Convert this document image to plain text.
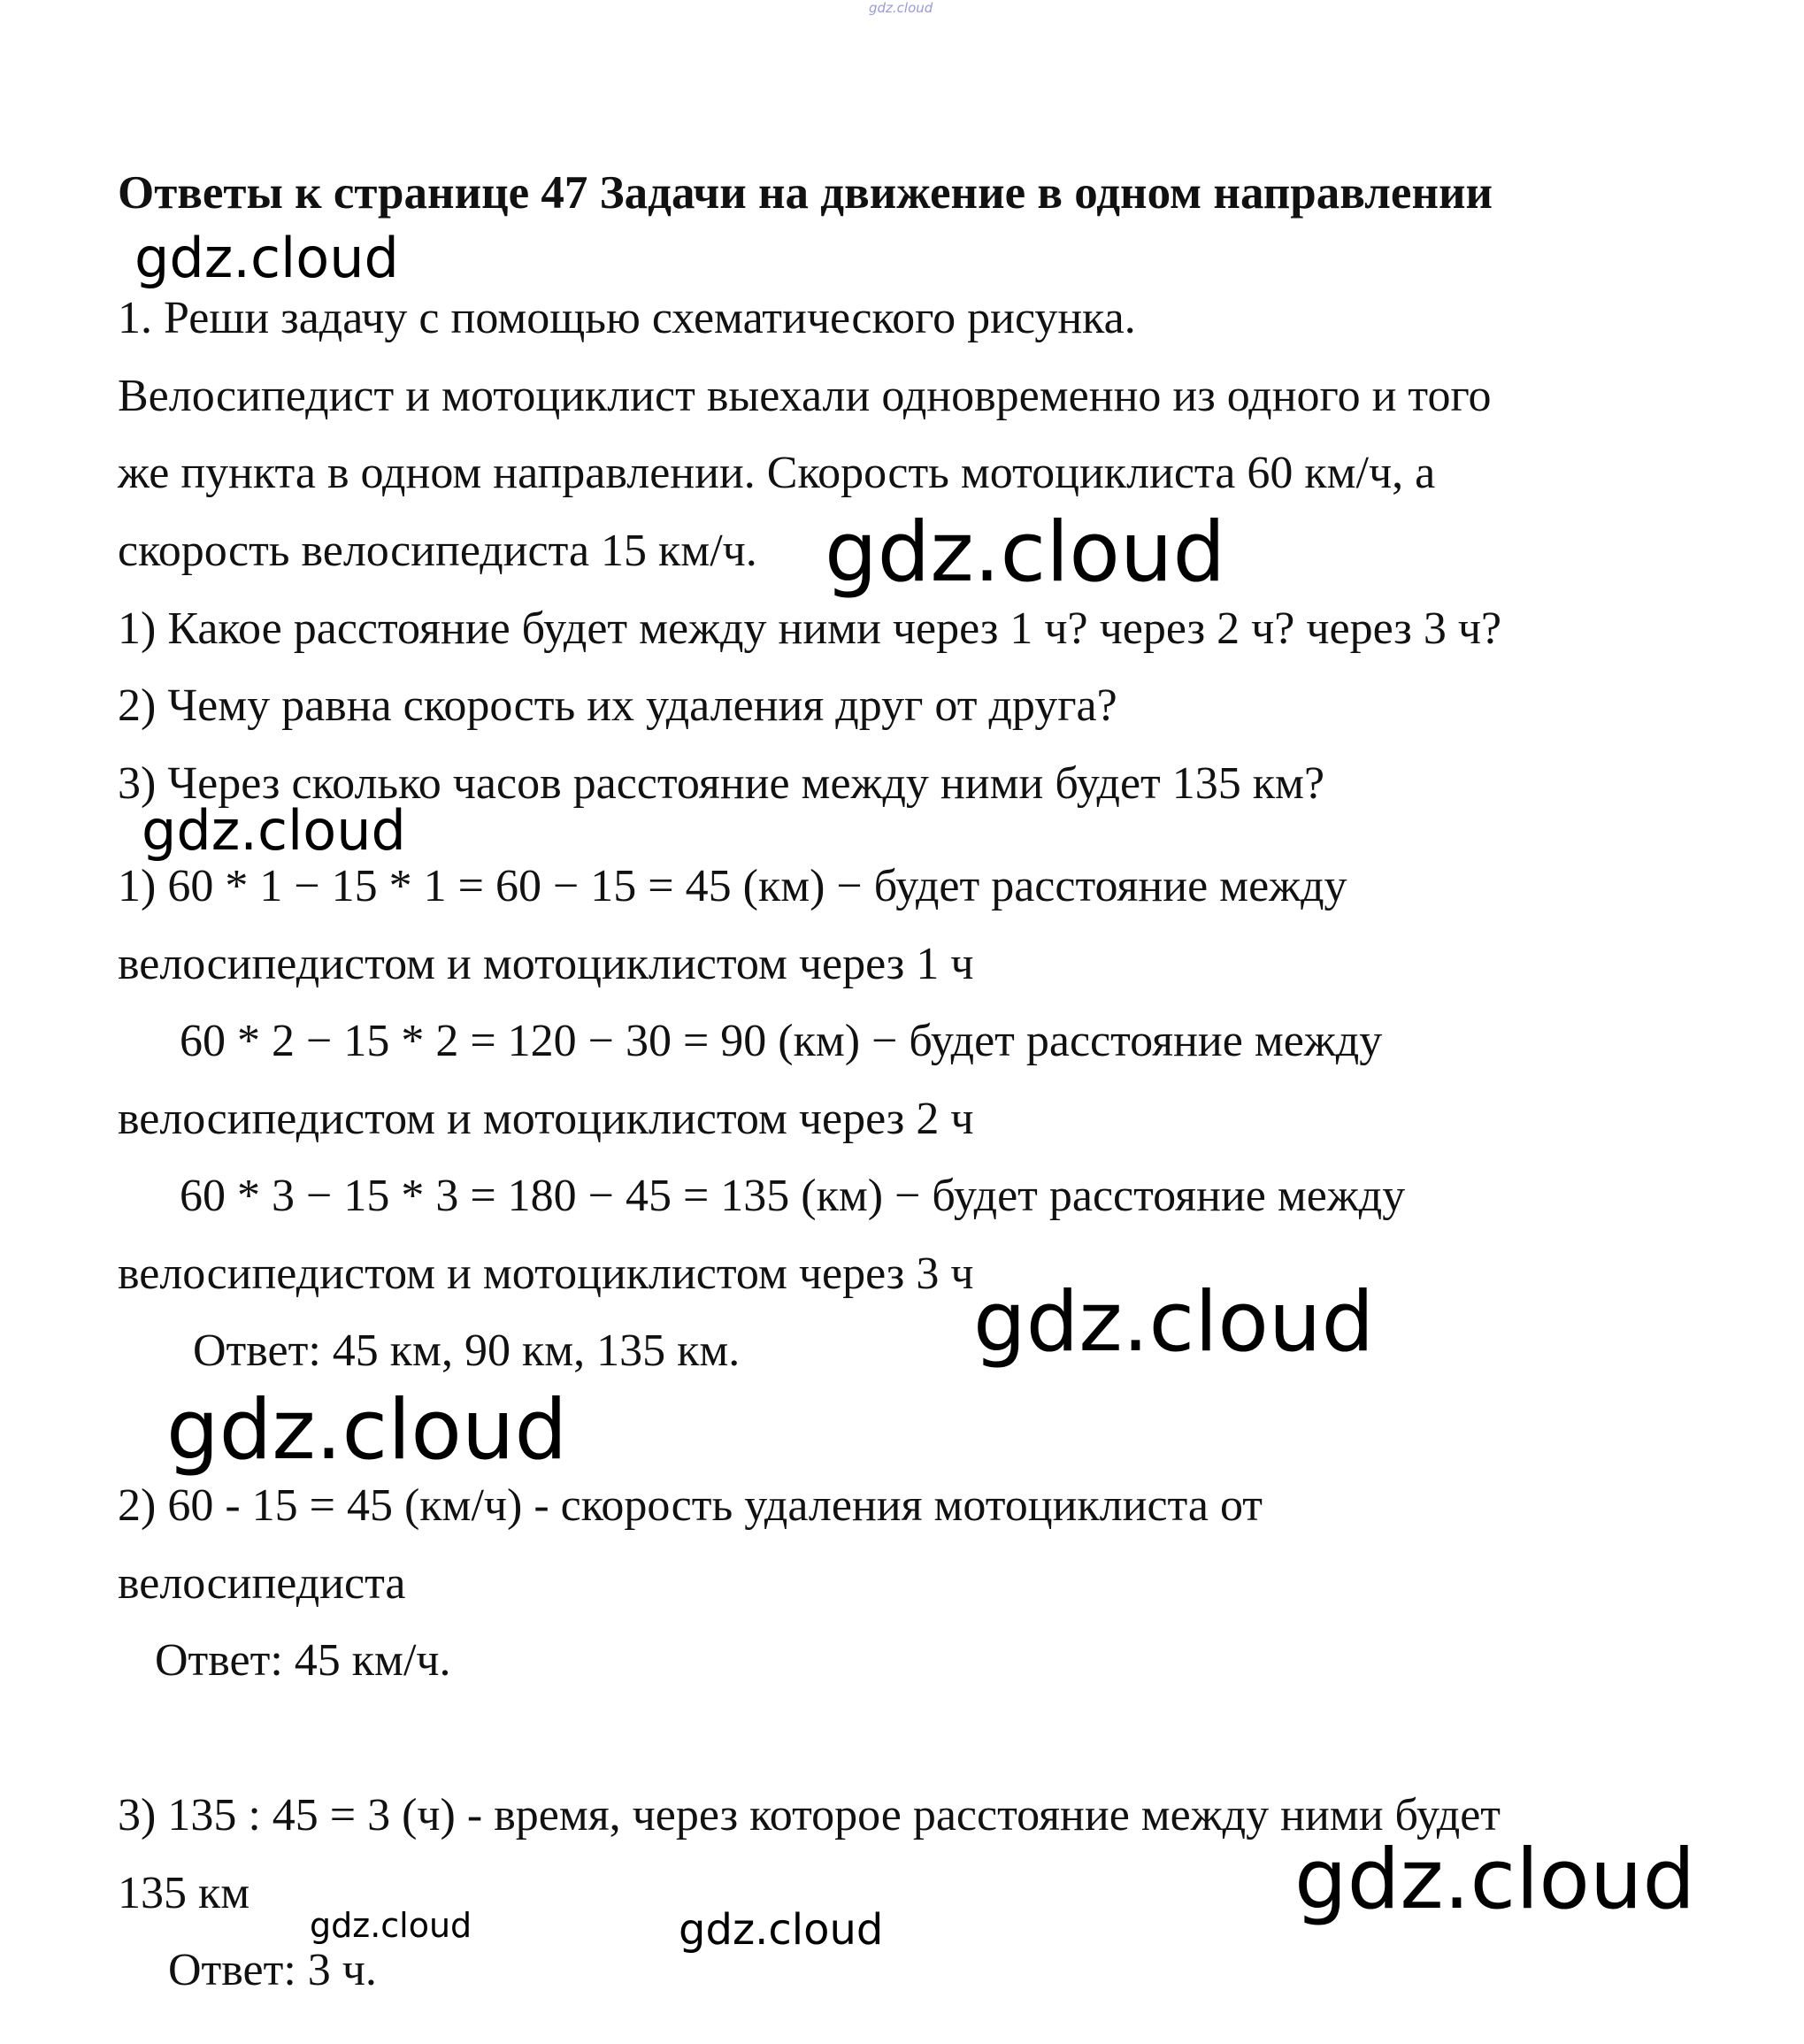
gdz.cloud
Ответы к странице 47 Задачи на движение в одном направлении
gdz.cloud
1. Реши задачу с помощью схематического рисунка.
Велосипедист и мотоциклист выехали одновременно из одного и того
же пункта в одном направлении. Скорость мотоциклиста 60 км/ч, а
скорость велосипедиста 15 км/ч. gdz.cloud
1) Какое расстояние будет между ними через 1 ч? через 2 ч? через 3 ч?
2) Чему равна скорость их удаления друг от друга?
3) Через сколько часов расстояние между ними будет 135 км?
gdz.cloud
1) 60 * 1 − 15 * 1 = 60 − 15 = 45 (км) − будет расстояние между
велосипедистом и мотоциклистом через 1 ч
60 * 2 − 15 * 2 = 120 − 30 = 90 (км) − будет расстояние между
велосипедистом и мотоциклистом через 2 ч
60 * 3 − 15 * 3 = 180 − 45 = 135 (км) − будет расстояние между
велосипедистом и мотоциклистом через 3 ч
gdz.cloud
Ответ: 45 км, 90 км, 135 км.
gdz.cloud
2) 60 - 15 = 45 (км/ч) - скорость удаления мотоциклиста от
велосипедиста
Ответ: 45 км/ч.
3) 135 : 45 = 3 (ч) - время, через которое расстояние между ними будет
135 км	gdz.cloud
gdz.cloud	gdz.cloud
Ответ: 3 ч.
